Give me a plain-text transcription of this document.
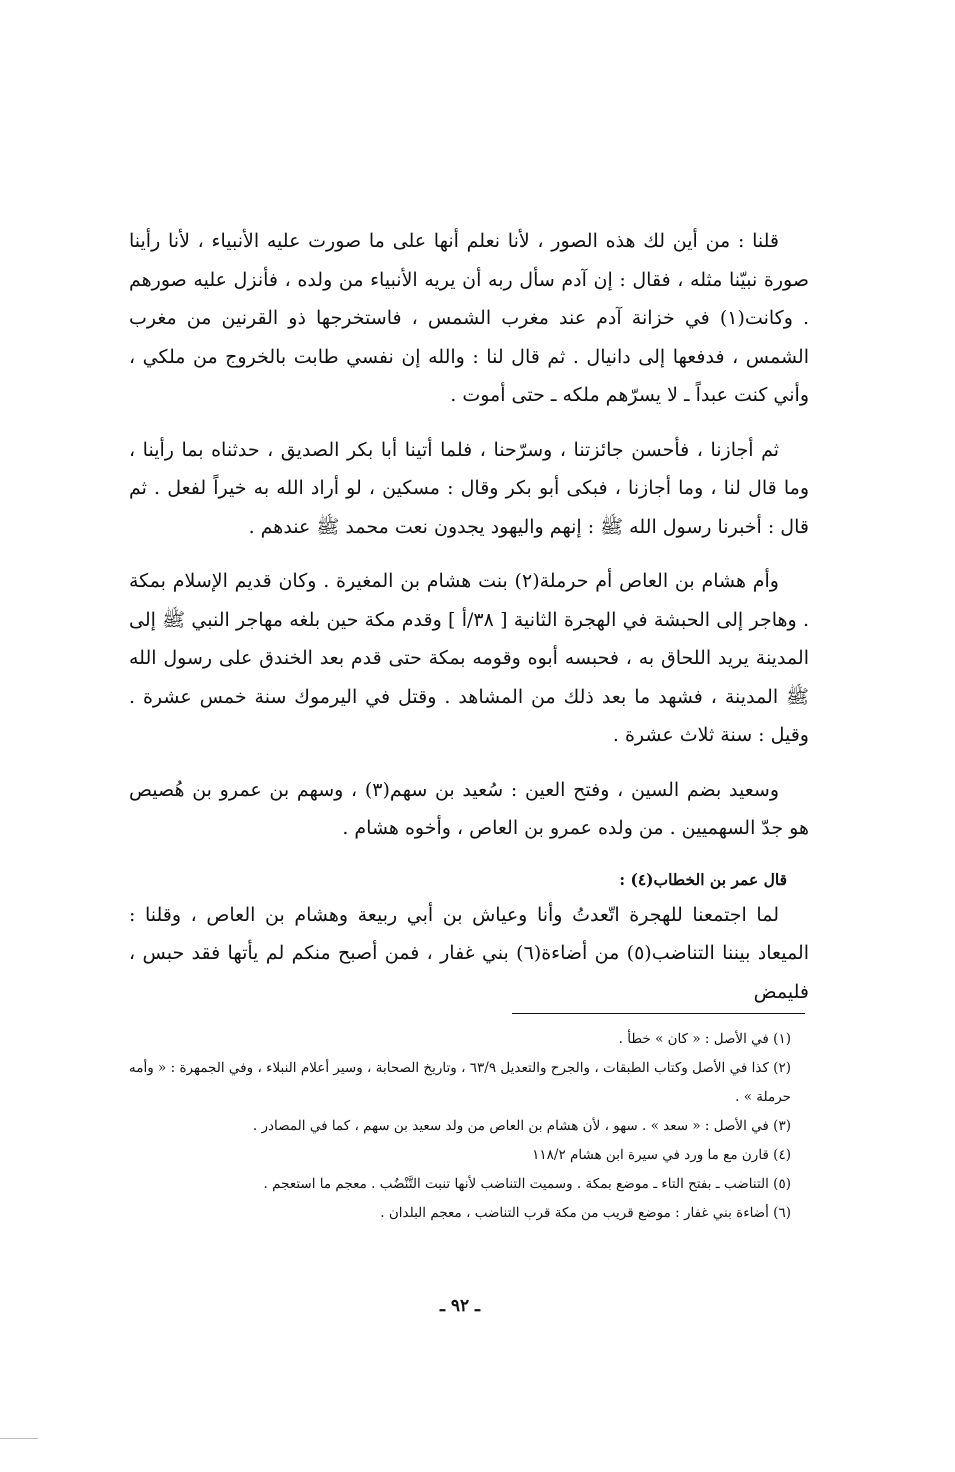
قلنا : من أين لك هذه الصور ، لأنا نعلم أنها على ما صورت عليه الأنبياء ، لأنا رأينا صورة نبيّنا مثله ، فقال : إن آدم سأل ربه أن يريه الأنبياء من ولده ، فأنزل عليه صورهم . وكانت(١) في خزانة آدم عند مغرب الشمس ، فاستخرجها ذو القرنين من مغرب الشمس ، فدفعها إلى دانيال . ثم قال لنا : والله إن نفسي طابت بالخروج من ملكي ، وأني كنت عبداً ـ لا يسرّهم ملكه ـ حتى أموت .

ثم أجازنا ، فأحسن جائزتنا ، وسرّحنا ، فلما أتينا أبا بكر الصديق ، حدثناه بما رأينا ، وما قال لنا ، وما أجازنا ، فبكى أبو بكر وقال : مسكين ، لو أراد الله به خيراً لفعل . ثم قال : أخبرنا رسول الله ﷺ : إنهم واليهود يجدون نعت محمد ﷺ عندهم .

وأم هشام بن العاص أم حرملة(٢) بنت هشام بن المغيرة . وكان قديم الإسلام بمكة . وهاجر إلى الحبشة في الهجرة الثانية [ ٣٨/أ ] وقدم مكة حين بلغه مهاجر النبي ﷺ إلى المدينة يريد اللحاق به ، فحبسه أبوه وقومه بمكة حتى قدم بعد الخندق على رسول الله ﷺ المدينة ، فشهد ما بعد ذلك من المشاهد . وقتل في اليرموك سنة خمس عشرة . وقيل : سنة ثلاث عشرة .

وسعيد بضم السين ، وفتح العين : سُعيد بن سهم(٣) ، وسهم بن عمرو بن هُصيص هو جدّ السهميين . من ولده عمرو بن العاص ، وأخوه هشام .

قال عمر بن الخطاب(٤) :

لما اجتمعنا للهجرة اتّعدتُ وأنا وعياش بن أبي ربيعة وهشام بن العاص ، وقلنا : الميعاد بيننا التناضب(٥) من أضاءة(٦) بني غفار ، فمن أصبح منكم لم يأتها فقد حبس ، فليمض

(١) في الأصل : « كان » خطأ .

(٢) كذا في الأصل وكتاب الطبقات ، والجرح والتعديل ٦٣/٩ ، وتاريخ الصحابة ، وسير أعلام النبلاء ، وفي الجمهرة : « وأمه حرملة » .

(٣) في الأصل : « سعد » . سهو ، لأن هشام بن العاص من ولد سعيد بن سهم ، كما في المصادر .

(٤) قارن مع ما ورد في سيرة ابن هشام ١١٨/٢

(٥) التناضب ـ بفتح التاء ـ موضع بمكة . وسميت التناضب لأنها تنبت التَّنْضُب . معجم ما استعجم .

(٦) أضاءة بني غفار : موضع قريب من مكة قرب التناضب ، معجم البلدان .

ـ ٩٢ ـ
